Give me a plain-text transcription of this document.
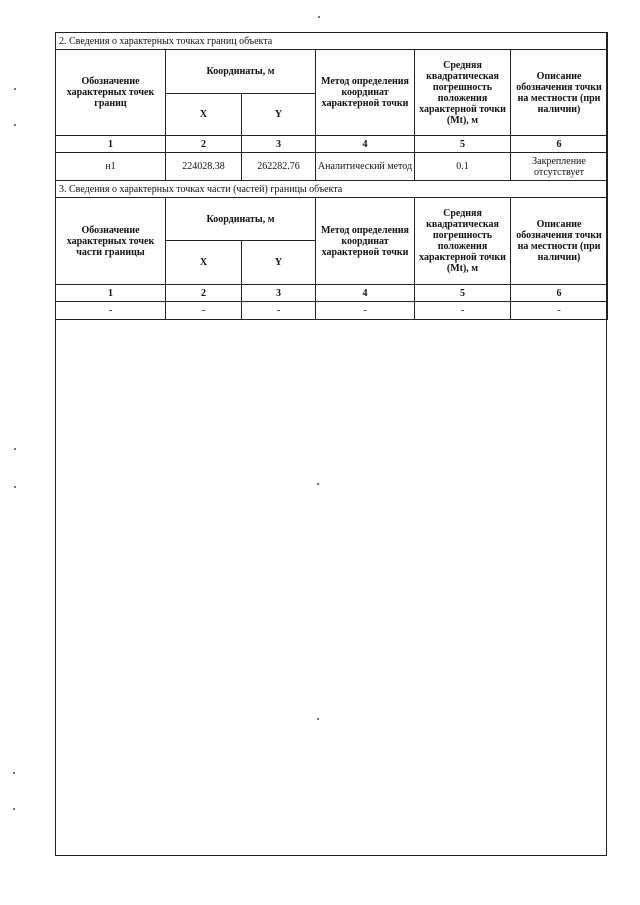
2. Сведения о характерных точках границ объекта					
Обозначение характерных точек границ	Координаты, м		Метод определения координат характерной точки	Средняя квадратическая погрешность положения характерной точки (Mt), м	Описание обозначения точки на местности (при наличии)
	X	Y			
1	2	3	4	5	6
н1	224028.38	262282.76	Аналитический метод	0.1	Закрепление отсутствует
3. Сведения о характерных точках части (частей) границы объекта					
Обозначение характерных точек части границы	Координаты, м		Метод определения координат характерной точки	Средняя квадратическая погрешность положения характерной точки (Mt), м	Описание обозначения точки на местности (при наличии)
	X	Y			
1	2	3	4	5	6
-	-	-	-	-	-
